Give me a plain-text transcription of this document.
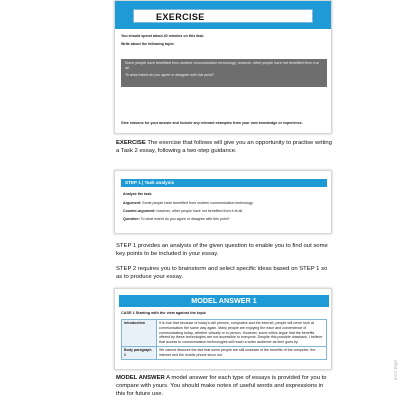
EXERCISE
You should spend about 40 minutes on this task.
Write about the following topic:
Some people have benefited from modern communication technology; however, other people have not benefited from it at all.
To what extent do you agree or disagree with this point?
Give reasons for your answer and include any relevant examples from your own knowledge or experience.
EXERCISE The exercise that follows will give you an opportunity to practise writing a Task 2 essay, following a two-step guidance.
STEP 1 | Task analysis
Analyse the task.
Argument: Some people have benefited from modern communication technology.
Counter-argument: however, other people have not benefited from it at all.
Question: To what extent do you agree or disagree with this point?
STEP 1 provides an analysis of the given question to enable you to find out some key points to be included in your essay.
STEP 2 requires you to brainstorm and select specific ideas based on STEP 1 so as to produce your essay.
MODEL ANSWER 1
CASE 1 Starting with the view against the topic
Introduction	It is true that because of today's cell phones, computers and the internet, people will never look at communication the same way again. Many people are enjoying the ease and convenience of communicating today, whether virtually or in person. However, some critics argue that the benefits offered by these technologies are not accessible to everyone. Despite this possible drawback, I believe that access to communication technologies will reach a wider audience as time goes by.
Body paragraph 1	We cannot discount the fact that some people are still unaware of the benefits of the computer, the internet and the mobile phone since not
MODEL ANSWER A model answer for each type of essays is provided for you to compare with yours. You should make notes of useful words and expressions in this for future use.
eflet.com
